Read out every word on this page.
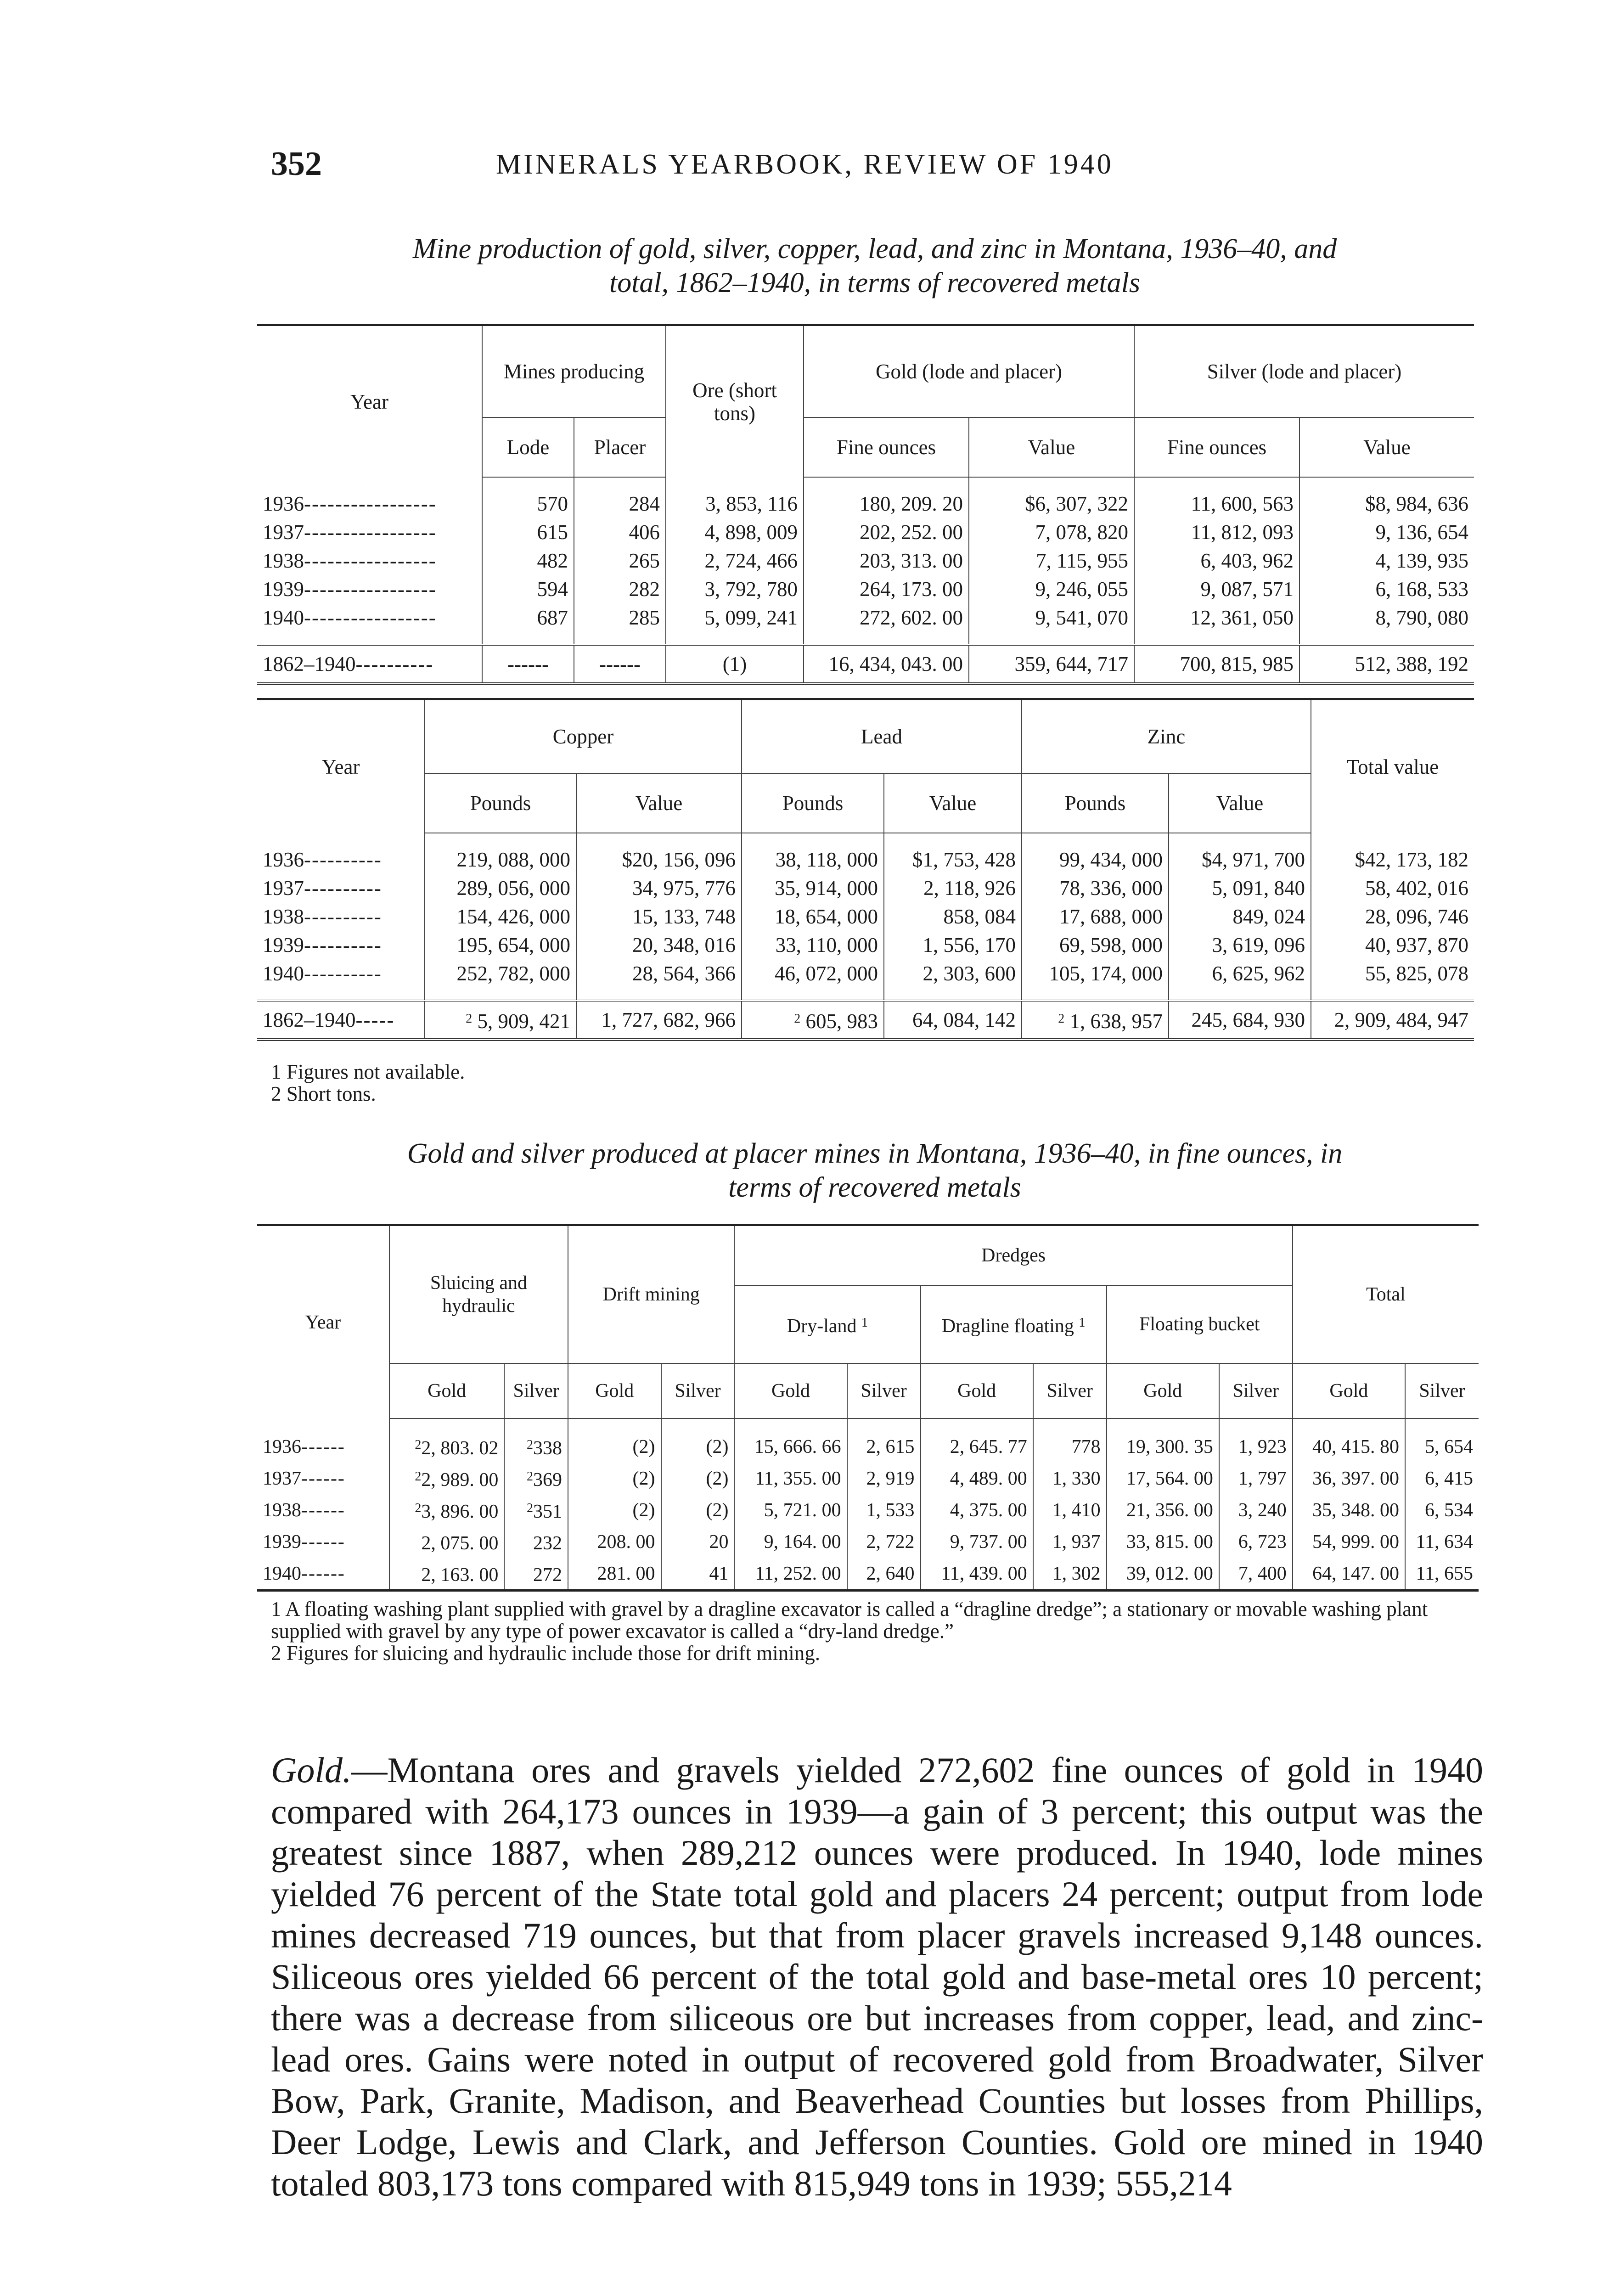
352	MINERALS YEARBOOK, REVIEW OF 1940
Mine production of gold, silver, copper, lead, and zinc in Montana, 1936–40, and
total, 1862–1940, in terms of recovered metals
Year	Mines producing		Ore (short tons)	Gold (lode and placer)		Silver (lode and placer)	
	Lode	Placer		Fine ounces	Value	Fine ounces	Value

1936-----------------	570	284	3, 853, 116	180, 209. 20	$6, 307, 322	11, 600, 563	$8, 984, 636
1937-----------------	615	406	4, 898, 009	202, 252. 00	7, 078, 820	11, 812, 093	9, 136, 654
1938-----------------	482	265	2, 724, 466	203, 313. 00	7, 115, 955	6, 403, 962	4, 139, 935
1939-----------------	594	282	3, 792, 780	264, 173. 00	9, 246, 055	9, 087, 571	6, 168, 533
1940-----------------	687	285	5, 099, 241	272, 602. 00	9, 541, 070	12, 361, 050	8, 790, 080

1862–1940----------	------	------	(1)	16, 434, 043. 00	359, 644, 717	700, 815, 985	512, 388, 192
Year	Copper		Lead		Zinc		Total value
	Pounds	Value	Pounds	Value	Pounds	Value	

1936----------	219, 088, 000	$20, 156, 096	38, 118, 000	$1, 753, 428	99, 434, 000	$4, 971, 700	$42, 173, 182
1937----------	289, 056, 000	34, 975, 776	35, 914, 000	2, 118, 926	78, 336, 000	5, 091, 840	58, 402, 016
1938----------	154, 426, 000	15, 133, 748	18, 654, 000	858, 084	17, 688, 000	849, 024	28, 096, 746
1939----------	195, 654, 000	20, 348, 016	33, 110, 000	1, 556, 170	69, 598, 000	3, 619, 096	40, 937, 870
1940----------	252, 782, 000	28, 564, 366	46, 072, 000	2, 303, 600	105, 174, 000	6, 625, 962	55, 825, 078

1862–1940-----	$^2$ 5, 909, 421	1, 727, 682, 966	$^2$ 605, 983	64, 084, 142	$^2$ 1, 638, 957	245, 684, 930	2, 909, 484, 947

1 Figures not available.

2 Short tons.

Gold and silver produced at placer mines in Montana, 1936–40, in fine ounces, in
terms of recovered metals
Year	Sluicing and hydraulic		Drift mining		Dredges						Total	
					Dry-land $^1$		Dragline floating $^1$		Floating bucket			
	Gold	Silver	Gold	Silver	Gold	Silver	Gold	Silver	Gold	Silver	Gold	Silver

1936------	$^2$2, 803. 02	$^2$338	(2)	(2)	15, 666. 66	2, 615	2, 645. 77	778	19, 300. 35	1, 923	40, 415. 80	5, 654
1937------	$^2$2, 989. 00	$^2$369	(2)	(2)	11, 355. 00	2, 919	4, 489. 00	1, 330	17, 564. 00	1, 797	36, 397. 00	6, 415
1938------	$^2$3, 896. 00	$^2$351	(2)	(2)	5, 721. 00	1, 533	4, 375. 00	1, 410	21, 356. 00	3, 240	35, 348. 00	6, 534
1939------	2, 075. 00	232	208. 00	20	9, 164. 00	2, 722	9, 737. 00	1, 937	33, 815. 00	6, 723	54, 999. 00	11, 634
1940------	2, 163. 00	272	281. 00	41	11, 252. 00	2, 640	11, 439. 00	1, 302	39, 012. 00	7, 400	64, 147. 00	11, 655

1 A floating washing plant supplied with gravel by a dragline excavator is called a “dragline dredge”; a stationary or movable washing plant supplied with gravel by any type of power excavator is called a “dry-land dredge.”

2 Figures for sluicing and hydraulic include those for drift mining.

Gold.—Montana ores and gravels yielded 272,602 fine ounces of gold in 1940 compared with 264,173 ounces in 1939—a gain of 3 percent; this output was the greatest since 1887, when 289,212 ounces were produced. In 1940, lode mines yielded 76 percent of the State total gold and placers 24 percent; output from lode mines decreased 719 ounces, but that from placer gravels increased 9,148 ounces. Siliceous ores yielded 66 percent of the total gold and base-metal ores 10 percent; there was a decrease from siliceous ore but increases from copper, lead, and zinc-lead ores. Gains were noted in output of recovered gold from Broadwater, Silver Bow, Park, Granite, Madison, and Beaverhead Counties but losses from Phillips, Deer Lodge, Lewis and Clark, and Jefferson Counties. Gold ore mined in 1940 totaled 803,173 tons compared with 815,949 tons in 1939; 555,214
